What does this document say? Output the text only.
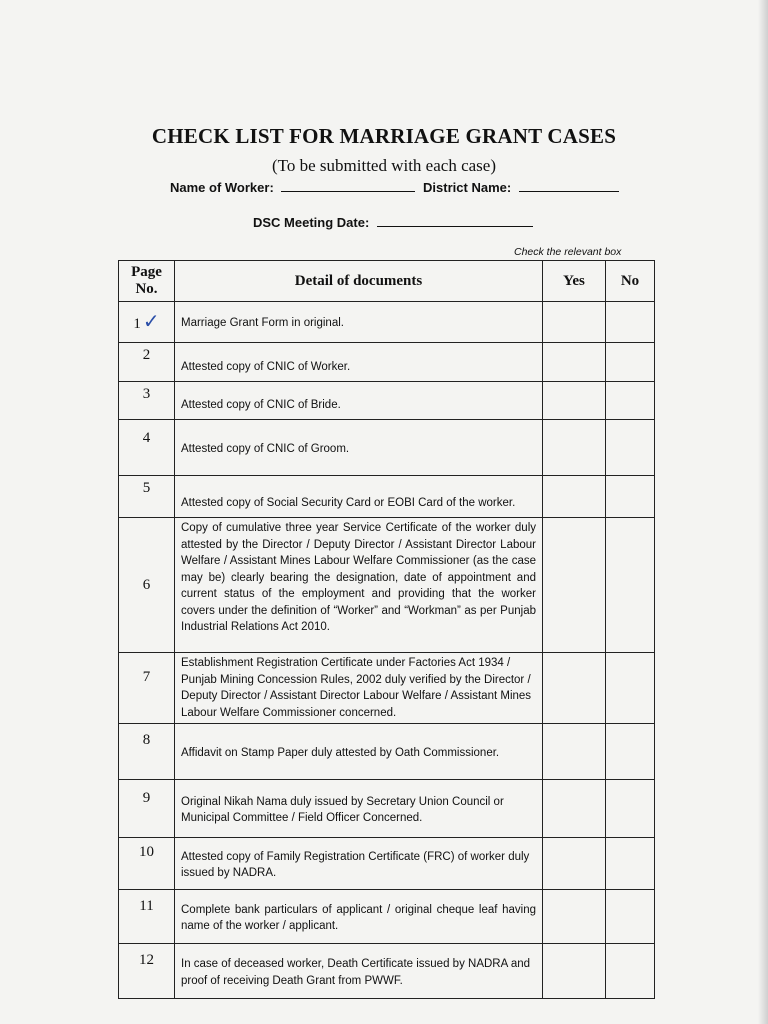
CHECK LIST FOR MARRIAGE GRANT CASES
(To be submitted with each case)
Name of Worker:	District Name:
DSC Meeting Date:
Check the relevant box
Page No.	Detail of documents	Yes	No
1 ✓	Marriage Grant Form in original.		
2	Attested copy of CNIC of Worker.		
3	Attested copy of CNIC of Bride.		
4	Attested copy of CNIC of Groom.		
5	Attested copy of Social Security Card or EOBI Card of the worker.		
6	Copy of cumulative three year Service Certificate of the worker duly attested by the Director / Deputy Director / Assistant Director Labour Welfare / Assistant Mines Labour Welfare Commissioner (as the case may be) clearly bearing the designation, date of appointment and current status of the employment and providing that the worker covers under the definition of “Worker” and “Workman” as per Punjab Industrial Relations Act 2010.		
7	Establishment Registration Certificate under Factories Act 1934 / Punjab Mining Concession Rules, 2002 duly verified by the Director / Deputy Director / Assistant Director Labour Welfare / Assistant Mines Labour Welfare Commissioner concerned.		
8	Affidavit on Stamp Paper duly attested by Oath Commissioner.		
9	Original Nikah Nama duly issued by Secretary Union Council or Municipal Committee / Field Officer Concerned.		
10	Attested copy of Family Registration Certificate (FRC) of worker duly issued by NADRA.		
11	Complete bank particulars of applicant / original cheque leaf having name of the worker / applicant.		
12	In case of deceased worker, Death Certificate issued by NADRA and proof of receiving Death Grant from PWWF.		
